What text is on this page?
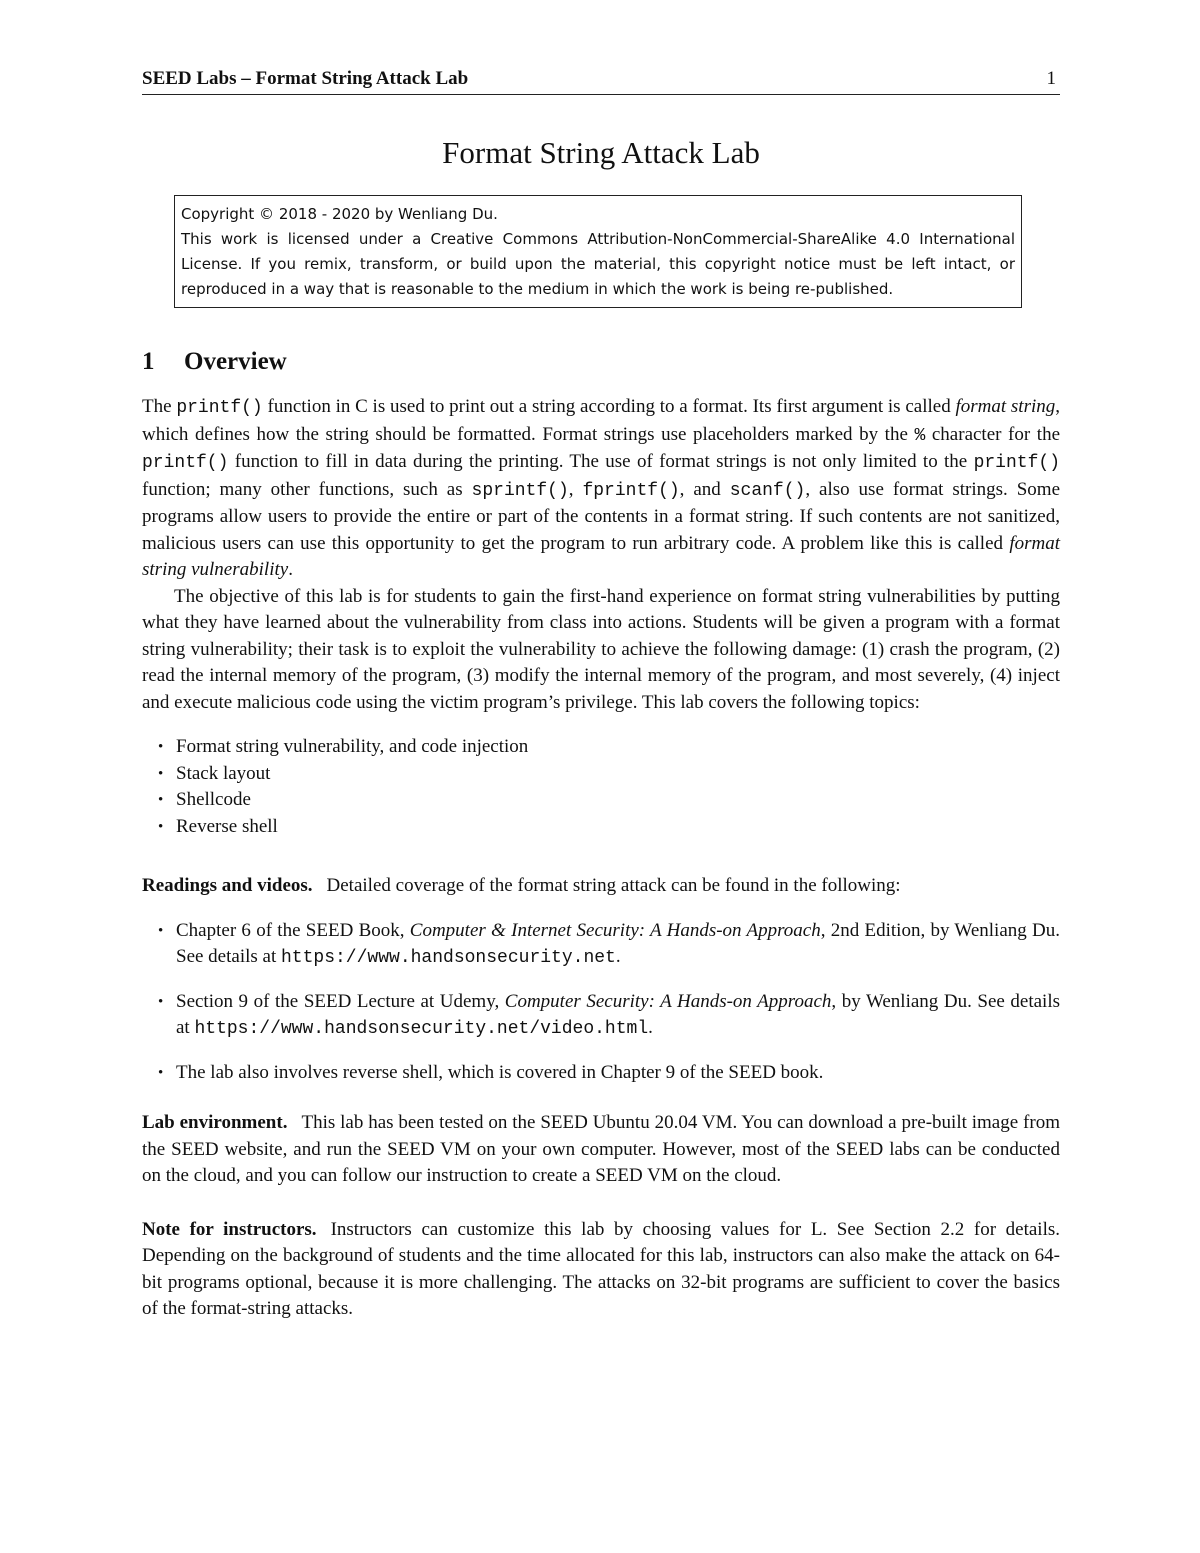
SEED Labs – Format String Attack Lab	1
Format String Attack Lab
Copyright © 2018 - 2020 by Wenliang Du.
This work is licensed under a Creative Commons Attribution-NonCommercial-ShareAlike 4.0 International License. If you remix, transform, or build upon the material, this copyright notice must be left intact, or reproduced in a way that is reasonable to the medium in which the work is being re-published.
1 Overview

The printf() function in C is used to print out a string according to a format. Its first argument is called format string, which defines how the string should be formatted. Format strings use placeholders marked by the % character for the printf() function to fill in data during the printing. The use of format strings is not only limited to the printf() function; many other functions, such as sprintf(), fprintf(), and scanf(), also use format strings. Some programs allow users to provide the entire or part of the contents in a format string. If such contents are not sanitized, malicious users can use this opportunity to get the program to run arbitrary code. A problem like this is called format string vulnerability.

The objective of this lab is for students to gain the first-hand experience on format string vulnerabilities by putting what they have learned about the vulnerability from class into actions. Students will be given a program with a format string vulnerability; their task is to exploit the vulnerability to achieve the following damage: (1) crash the program, (2) read the internal memory of the program, (3) modify the internal memory of the program, and most severely, (4) inject and execute malicious code using the victim program’s privilege. This lab covers the following topics:

• Format string vulnerability, and code injection
• Stack layout
• Shellcode
• Reverse shell

Readings and videos. Detailed coverage of the format string attack can be found in the following:

• Chapter 6 of the SEED Book, Computer & Internet Security: A Hands-on Approach, 2nd Edition, by Wenliang Du. See details at https://www.handsonsecurity.net.
• Section 9 of the SEED Lecture at Udemy, Computer Security: A Hands-on Approach, by Wenliang Du. See details at https://www.handsonsecurity.net/video.html.
• The lab also involves reverse shell, which is covered in Chapter 9 of the SEED book.

Lab environment. This lab has been tested on the SEED Ubuntu 20.04 VM. You can download a pre-built image from the SEED website, and run the SEED VM on your own computer. However, most of the SEED labs can be conducted on the cloud, and you can follow our instruction to create a SEED VM on the cloud.

Note for instructors. Instructors can customize this lab by choosing values for L. See Section 2.2 for details. Depending on the background of students and the time allocated for this lab, instructors can also make the attack on 64-bit programs optional, because it is more challenging. The attacks on 32-bit programs are sufficient to cover the basics of the format-string attacks.
